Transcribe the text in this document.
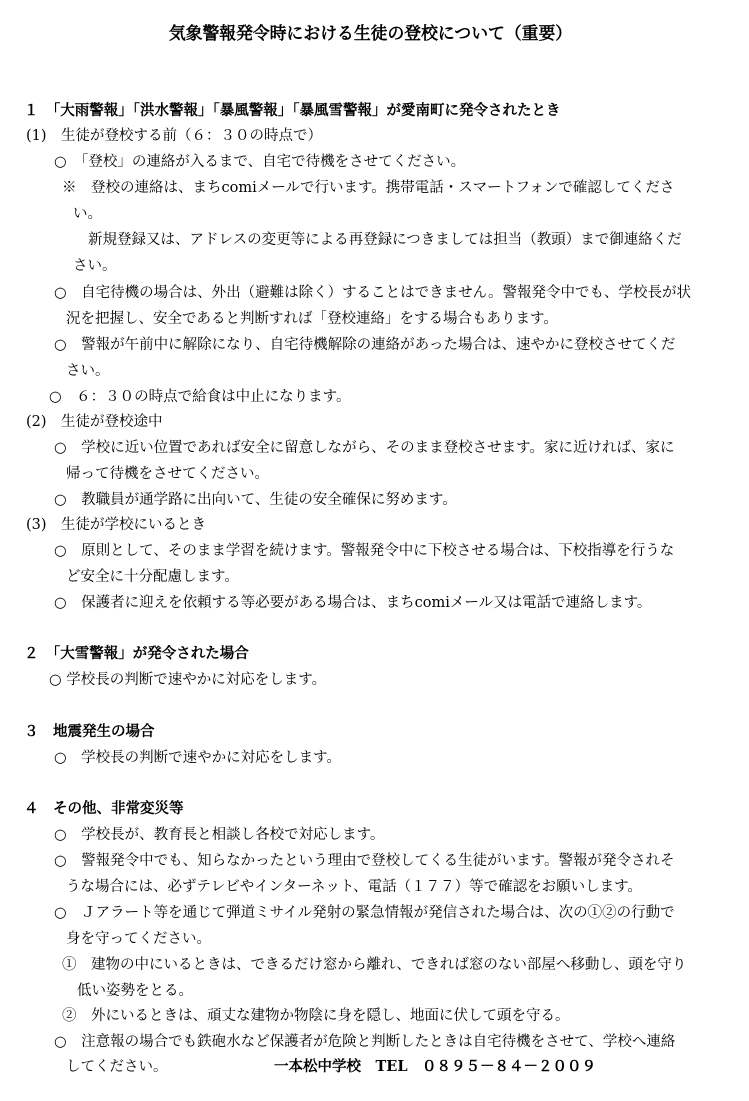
気象警報発令時における生徒の登校について（重要）
１　「大雨警報」「洪水警報」「暴風警報」「暴風雪警報」が愛南町に発令されたとき
(1)　生徒が登校する前（６：３０の時点で）
○　「登校」の連絡が入るまで、自宅で待機をさせてください。
※　登校の連絡は、まちcomiメールで行います。携帯電話・スマートフォンで確認してくださ
い。
新規登録又は、アドレスの変更等による再登録につきましては担当（教頭）まで御連絡くだ
さい。
○　自宅待機の場合は、外出（避難は除く）することはできません。警報発令中でも、学校長が状
況を把握し、安全であると判断すれば「登校連絡」をする場合もあります。
○　警報が午前中に解除になり、自宅待機解除の連絡があった場合は、速やかに登校させてくだ
さい。
○　６：３０の時点で給食は中止になります。
(2)　生徒が登校途中
○　学校に近い位置であれば安全に留意しながら、そのまま登校させます。家に近ければ、家に
帰って待機をさせてください。
○　教職員が通学路に出向いて、生徒の安全確保に努めます。
(3)　生徒が学校にいるとき
○　原則として、そのまま学習を続けます。警報発令中に下校させる場合は、下校指導を行うな
ど安全に十分配慮します。
○　保護者に迎えを依頼する等必要がある場合は、まちcomiメール又は電話で連絡します。
２　「大雪警報」が発令された場合
○ 学校長の判断で速やかに対応をします。
３　地震発生の場合
○　学校長の判断で速やかに対応をします。
４　その他、非常変災等
○　学校長が、教育長と相談し各校で対応します。
○　警報発令中でも、知らなかったという理由で登校してくる生徒がいます。警報が発令されそ
うな場合には、必ずテレビやインターネット、電話（１７７）等で確認をお願いします。
○　Ｊアラート等を通じて弾道ミサイル発射の緊急情報が発信された場合は、次の①②の行動で
身を守ってください。
①　建物の中にいるときは、できるだけ窓から離れ、できれば窓のない部屋へ移動し、頭を守り
低い姿勢をとる。
②　外にいるときは、頑丈な建物か物陰に身を隠し、地面に伏して頭を守る。
○　注意報の場合でも鉄砲水など保護者が危険と判断したときは自宅待機をさせて、学校へ連絡
してください。	一本松中学校　TEL　０８９５－８４－２００９
